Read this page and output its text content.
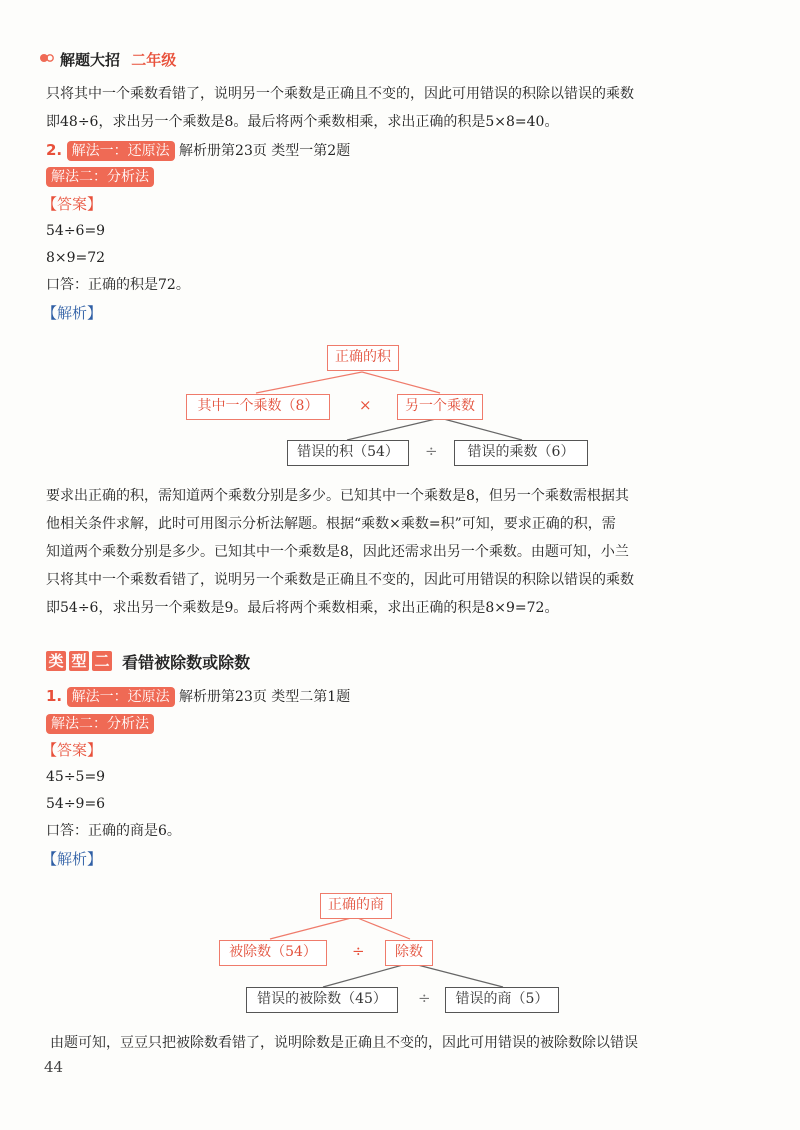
解题大招 二年级
只将其中一个乘数看错了，说明另一个乘数是正确且不变的，因此可用错误的积除以错误的乘数
即48÷6，求出另一个乘数是8。最后将两个乘数相乘，求出正确的积是5×8=40。
2. 解法一：还原法 解析册第23页 类型一第2题
解法二：分析法
【答案】
54÷6=9
8×9=72
口答：正确的积是72。
【解析】
正确的积
其中一个乘数（8）	×	另一个乘数
错误的积（54）	÷	错误的乘数（6）
要求出正确的积，需知道两个乘数分别是多少。已知其中一个乘数是8，但另一个乘数需根据其
他相关条件求解，此时可用图示分析法解题。根据“乘数×乘数=积”可知，要求正确的积，需
知道两个乘数分别是多少。已知其中一个乘数是8，因此还需求出另一个乘数。由题可知，小兰
只将其中一个乘数看错了，说明另一个乘数是正确且不变的，因此可用错误的积除以错误的乘数
即54÷6，求出另一个乘数是9。最后将两个乘数相乘，求出正确的积是8×9=72。
类 型 二 看错被除数或除数
1. 解法一：还原法 解析册第23页 类型二第1题
解法二：分析法
【答案】
45÷5=9
54÷9=6
口答：正确的商是6。
【解析】
正确的商
被除数（54）	÷	除数
错误的被除数（45）	÷	错误的商（5）
由题可知，豆豆只把被除数看错了，说明除数是正确且不变的，因此可用错误的被除数除以错误
44
